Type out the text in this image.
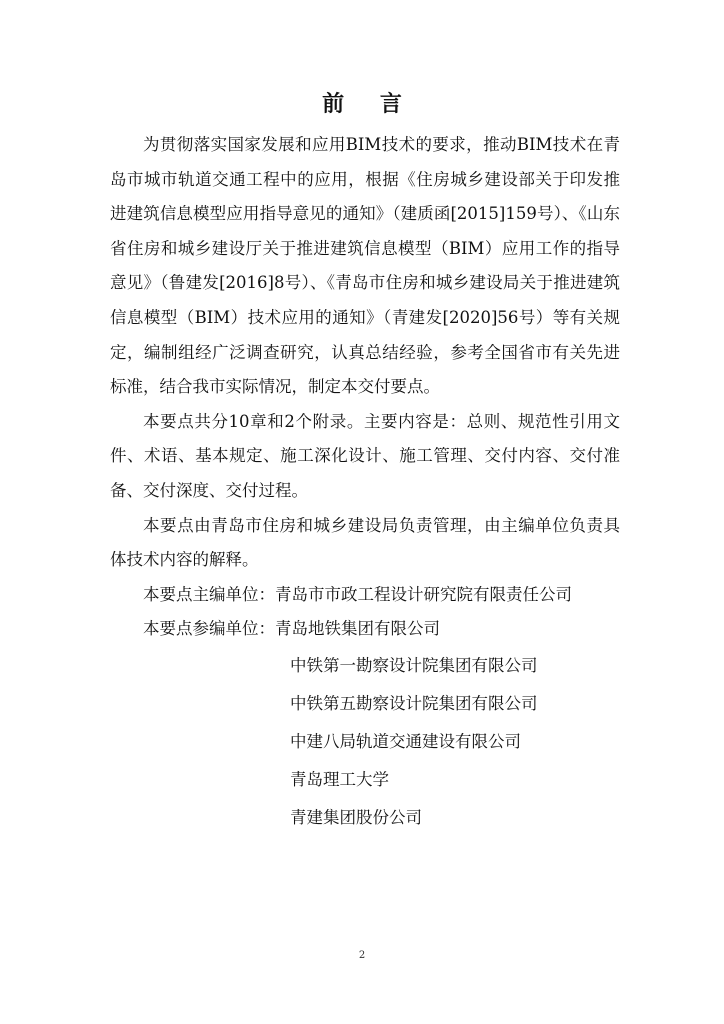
前 言

为贯彻落实国家发展和应用BIM技术的要求，推动BIM技术在青岛市城市轨道交通工程中的应用，根据《住房城乡建设部关于印发推进建筑信息模型应用指导意见的通知》（建质函[2015]159号）、《山东省住房和城乡建设厅关于推进建筑信息模型（BIM）应用工作的指导意见》（鲁建发[2016]8号）、《青岛市住房和城乡建设局关于推进建筑信息模型（BIM）技术应用的通知》（青建发[2020]56号）等有关规定，编制组经广泛调查研究，认真总结经验，参考全国省市有关先进标准，结合我市实际情况，制定本交付要点。

本要点共分10章和2个附录。主要内容是：总则、规范性引用文件、术语、基本规定、施工深化设计、施工管理、交付内容、交付准备、交付深度、交付过程。

本要点由青岛市住房和城乡建设局负责管理，由主编单位负责具体技术内容的解释。

本要点主编单位：青岛市市政工程设计研究院有限责任公司
本要点参编单位：青岛地铁集团有限公司
中铁第一勘察设计院集团有限公司
中铁第五勘察设计院集团有限公司
中建八局轨道交通建设有限公司
青岛理工大学
青建集团股份公司
2
